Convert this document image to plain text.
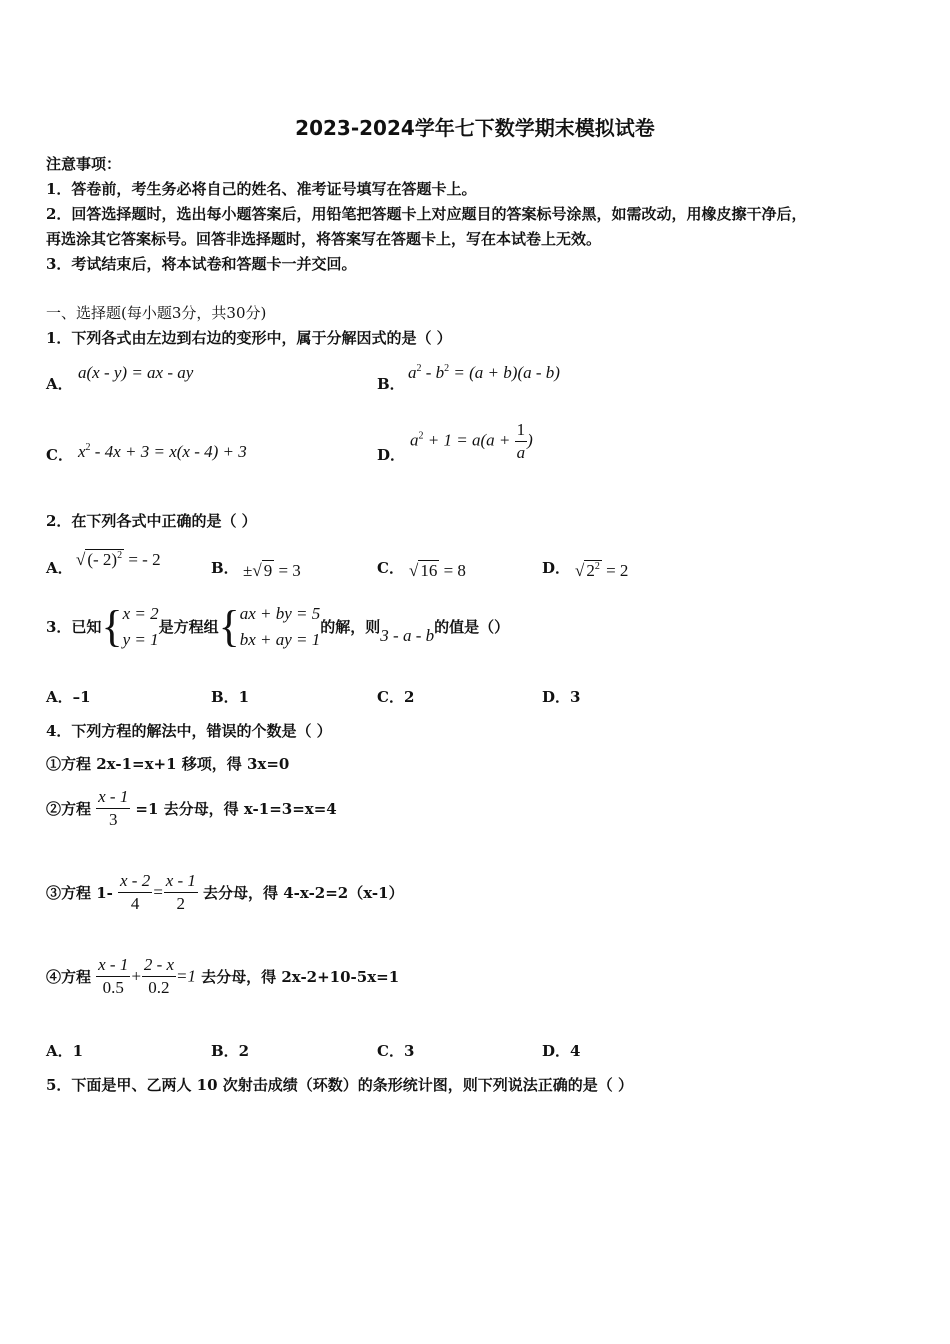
2023-2024学年七下数学期末模拟试卷
注意事项：
1．答卷前，考生务必将自己的姓名、准考证号填写在答题卡上。
2．回答选择题时，选出每小题答案后，用铅笔把答题卡上对应题目的答案标号涂黑，如需改动，用橡皮擦干净后，
再选涂其它答案标号。回答非选择题时，将答案写在答题卡上，写在本试卷上无效。
3．考试结束后，将本试卷和答题卡一并交回。
一、选择题(每小题3分，共30分)
1．下列各式由左边到右边的变形中，属于分解因式的是（ ）
A．
a(x - y) = ax - ay
B．
$a^2 - b^2 = (a + b)(a - b)$
C． $x^2 - 4x + 3 = x(x - 4) + 3$	D．
$a^2 + 1 = a(a + \frac{1}{a}$ )
2．在下列各式中正确的是（ ）
A． √ (- 2)$^2$ = - 2	B． ±√ 9 = 3	C． √ 16 = 8	D． √ $2^2 = 2$
3．已知{ x = 2
y = 1
是方程组{ ax + by = 5
bx + ay = 1
的解，则3 - a - b的值是（）
A．–1	B．1	C．2	D．3
4．下列方程的解法中，错误的个数是（ ）
①方程 2x-1=x+1 移项，得 3x=0
②方程 $\frac{x - 1}{3} =1$ 去分母，得 x-1=3=x=4
③方程 $1- \frac{x - 2}{4} = \frac{x - 1}{2}$ 去分母，得 4-x-2=2（x-1）
④方程 $\frac{x - 1}{0.5} + \frac{2 - x}{0.2} =1$ 去分母，得 2x-2+10-5x=1
A．1	B．2	C．3	D．4
5．下面是甲、乙两人 10 次射击成绩（环数）的条形统计图，则下列说法正确的是（ ）
